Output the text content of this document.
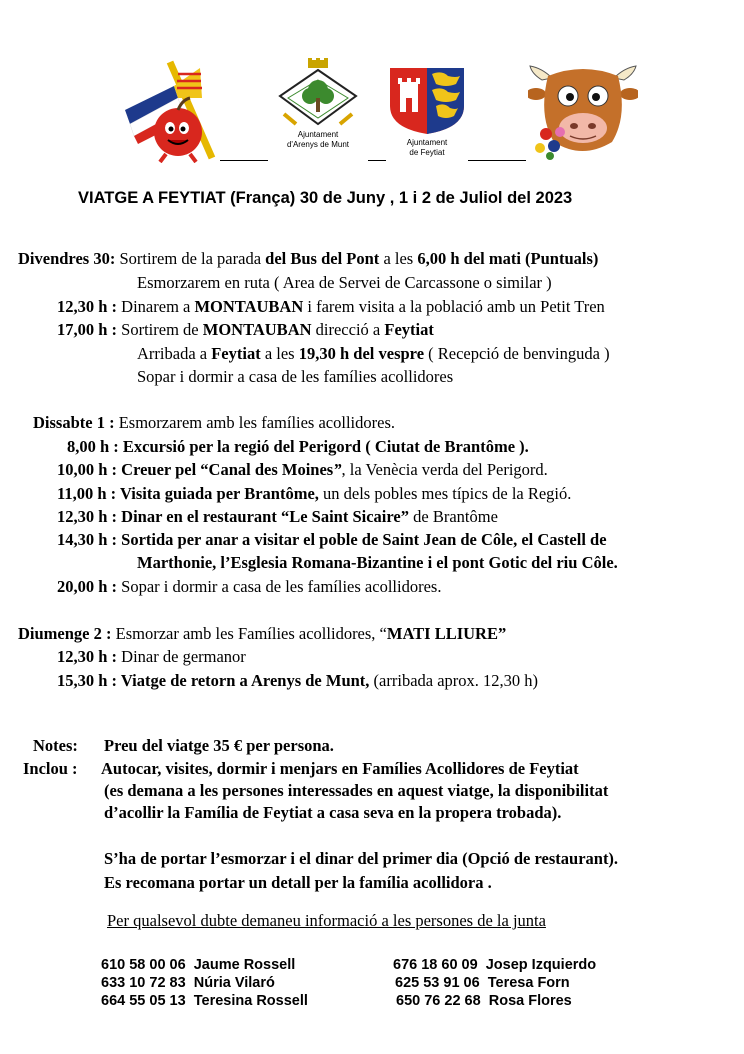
Ajuntament
d'Arenys de Munt	Ajuntament
de Feytiat
VIATGE A FEYTIAT (França) 30 de Juny , 1 i 2 de Juliol del 2023
Divendres 30: Sortirem de la parada del Bus del Pont a les 6,00 h del mati (Puntuals)
Esmorzarem en ruta ( Area de Servei de Carcassone o similar )
12,30 h : Dinarem a MONTAUBAN i farem visita a la població amb un Petit Tren
17,00 h : Sortirem de MONTAUBAN direcció a Feytiat
Arribada a Feytiat a les 19,30 h del vespre ( Recepció de benvinguda )
Sopar i dormir a casa de les famílies acollidores
Dissabte 1 : Esmorzarem amb les famílies acollidores.
8,00 h : Excursió per la regió del Perigord ( Ciutat de Brantôme ).
10,00 h : Creuer pel “Canal des Moines”, la Venècia verda del Perigord.
11,00 h : Visita guiada per Brantôme, un dels pobles mes típics de la Regió.
12,30 h : Dinar en el restaurant “Le Saint Sicaire” de Brantôme
14,30 h : Sortida per anar a visitar el poble de Saint Jean de Côle, el Castell de
Marthonie, l’Esglesia Romana-Bizantine i el pont Gotic del riu Côle.
20,00 h : Sopar i dormir a casa de les famílies acollidores.
Diumenge 2 : Esmorzar amb les Famílies acollidores, “MATI LLIURE”
12,30 h : Dinar de germanor
15,30 h : Viatge de retorn a Arenys de Munt, (arribada aprox. 12,30 h)
Notes: Preu del viatge 35 € per persona.
Inclou : Autocar, visites, dormir i menjars en Famílies Acollidores de Feytiat
(es demana a les persones interessades en aquest viatge, la disponibilitat
d’acollir la Família de Feytiat a casa seva en la propera trobada).
S’ha de portar l’esmorzar i el dinar del primer dia (Opció de restaurant).
Es recomana portar un detall per la família acollidora .
Per qualsevol dubte demaneu informació a les persones de la junta
610 58 00 06 Jaume Rossell	676 18 60 09 Josep Izquierdo
633 10 72 83 Núria Vilaró	625 53 91 06 Teresa Forn
664 55 05 13 Teresina Rossell	650 76 22 68 Rosa Flores
